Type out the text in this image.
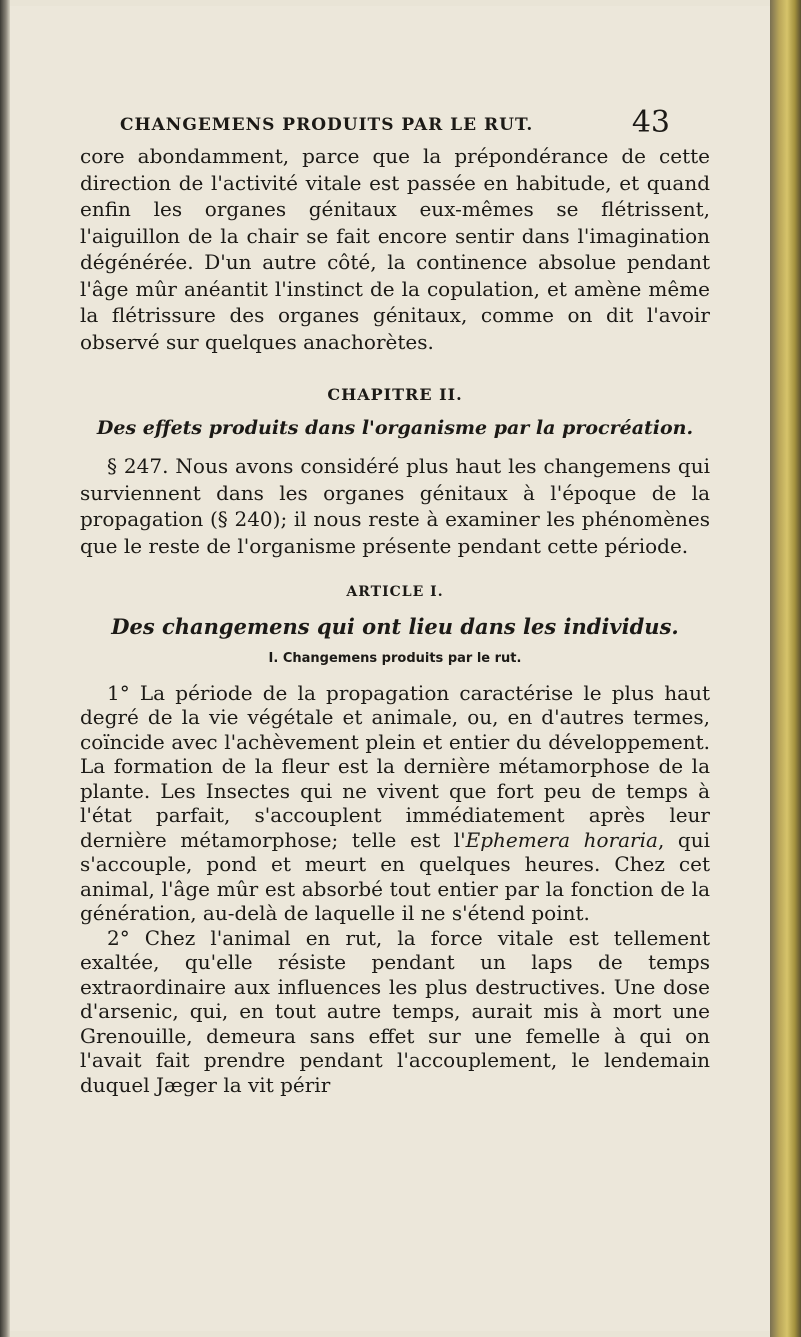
CHANGEMENS PRODUITS PAR LE RUT.	43

core abondamment, parce que la prépondérance de cette direction de l'activité vitale est passée en habitude, et quand enfin les organes génitaux eux-mêmes se flétrissent, l'aiguillon de la chair se fait encore sentir dans l'imagination dégénérée. D'un autre côté, la continence absolue pendant l'âge mûr anéantit l'instinct de la copulation, et amène même la flétrissure des organes génitaux, comme on dit l'avoir observé sur quelques anachorètes.

CHAPITRE II.
Des effets produits dans l'organisme par la procréation.

§ 247. Nous avons considéré plus haut les changemens qui surviennent dans les organes génitaux à l'époque de la propagation (§ 240); il nous reste à examiner les phénomènes que le reste de l'organisme présente pendant cette période.

ARTICLE I.
Des changemens qui ont lieu dans les individus.
I. Changemens produits par le rut.

1° La période de la propagation caractérise le plus haut degré de la vie végétale et animale, ou, en d'autres termes, coïncide avec l'achèvement plein et entier du développement. La formation de la fleur est la dernière métamorphose de la plante. Les Insectes qui ne vivent que fort peu de temps à l'état parfait, s'accouplent immédiatement après leur dernière métamorphose; telle est l'Ephemera horaria, qui s'accouple, pond et meurt en quelques heures. Chez cet animal, l'âge mûr est absorbé tout entier par la fonction de la génération, au-delà de laquelle il ne s'étend point.

2° Chez l'animal en rut, la force vitale est tellement exaltée, qu'elle résiste pendant un laps de temps extraordinaire aux influences les plus destructives. Une dose d'arsenic, qui, en tout autre temps, aurait mis à mort une Grenouille, demeura sans effet sur une femelle à qui on l'avait fait prendre pendant l'accouplement, le lendemain duquel Jæger la vit périr
